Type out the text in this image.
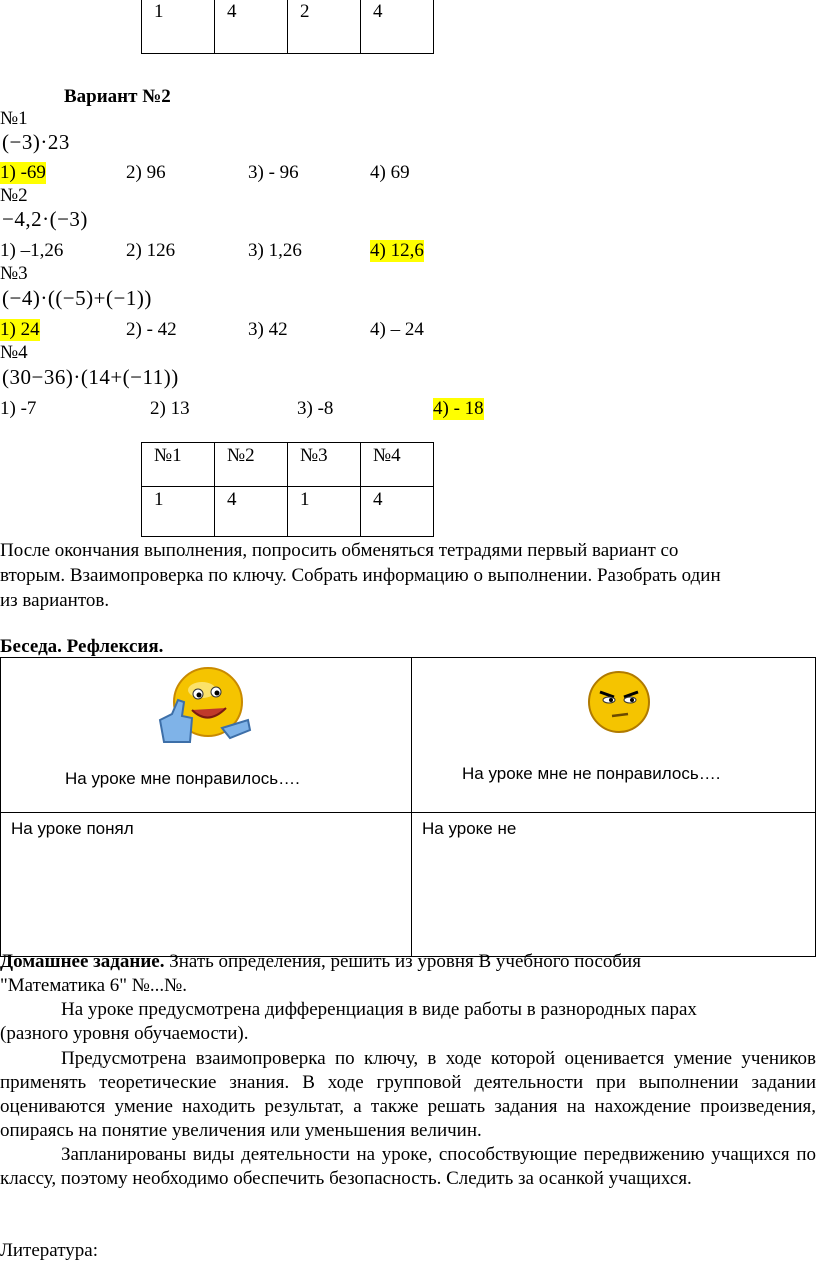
1	4	2	4
Вариант №2
№1
(−3)·23
1) -69	2) 96	3) - 96	4) 69
№2
−4,2·(−3)
1) –1,26	2) 126	3) 1,26	4) 12,6
№3
(−4)·((−5)+(−1))
1) 24	2) - 42	3) 42	4) – 24
№4
(30−36)·(14+(−11))
1) -7	2) 13	3) -8	4) - 18
№1	№2	№3	№4
1	4	1	4
После окончания выполнения, попросить обменяться тетрадями первый вариант со
вторым. Взаимопроверка по ключу. Собрать информацию о выполнении. Разобрать один
из вариантов.
Беседа. Рефлексия.
На уроке мне понравилось….	На уроке мне не понравилось….

На уроке понял	На уроке не
Домашнее задание. Знать определения, решить из уровня В учебного пособия
"Математика 6" №...№.
На уроке предусмотрена дифференциация в виде работы в разнородных парах
(разного уровня обучаемости).
Предусмотрена взаимопроверка по ключу, в ходе которой оценивается умение учеников применять теоретические знания. В ходе групповой деятельности при выполнении задании оцениваются умение находить результат, а также решать задания на нахождение произведения, опираясь на понятие увеличения или уменьшения величин.
Запланированы виды деятельности на уроке, способствующие передвижению учащихся по классу, поэтому необходимо обеспечить безопасность. Следить за осанкой учащихся.
Литература:
